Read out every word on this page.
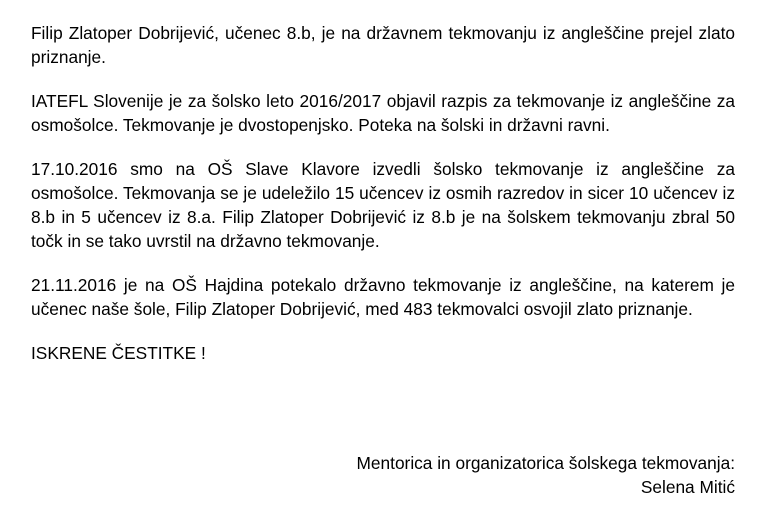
Filip Zlatoper Dobrijević, učenec 8.b, je na državnem tekmovanju iz angleščine prejel zlato priznanje.

IATEFL Slovenije je za šolsko leto 2016/2017 objavil razpis za tekmovanje iz angleščine za osmošolce. Tekmovanje je dvostopenjsko. Poteka na šolski in državni ravni.

17.10.2016 smo na OŠ Slave Klavore izvedli šolsko tekmovanje iz angleščine za osmošolce. Tekmovanja se je udeležilo 15 učencev iz osmih razredov in sicer 10 učencev iz 8.b in 5 učencev iz 8.a. Filip Zlatoper Dobrijević iz 8.b je na šolskem tekmovanju zbral 50 točk in se tako uvrstil na državno tekmovanje.

21.11.2016 je na OŠ Hajdina potekalo državno tekmovanje iz angleščine, na katerem je učenec naše šole, Filip Zlatoper Dobrijević, med 483 tekmovalci osvojil zlato priznanje.

ISKRENE ČESTITKE !

Mentorica in organizatorica šolskega tekmovanja:
Selena Mitić
